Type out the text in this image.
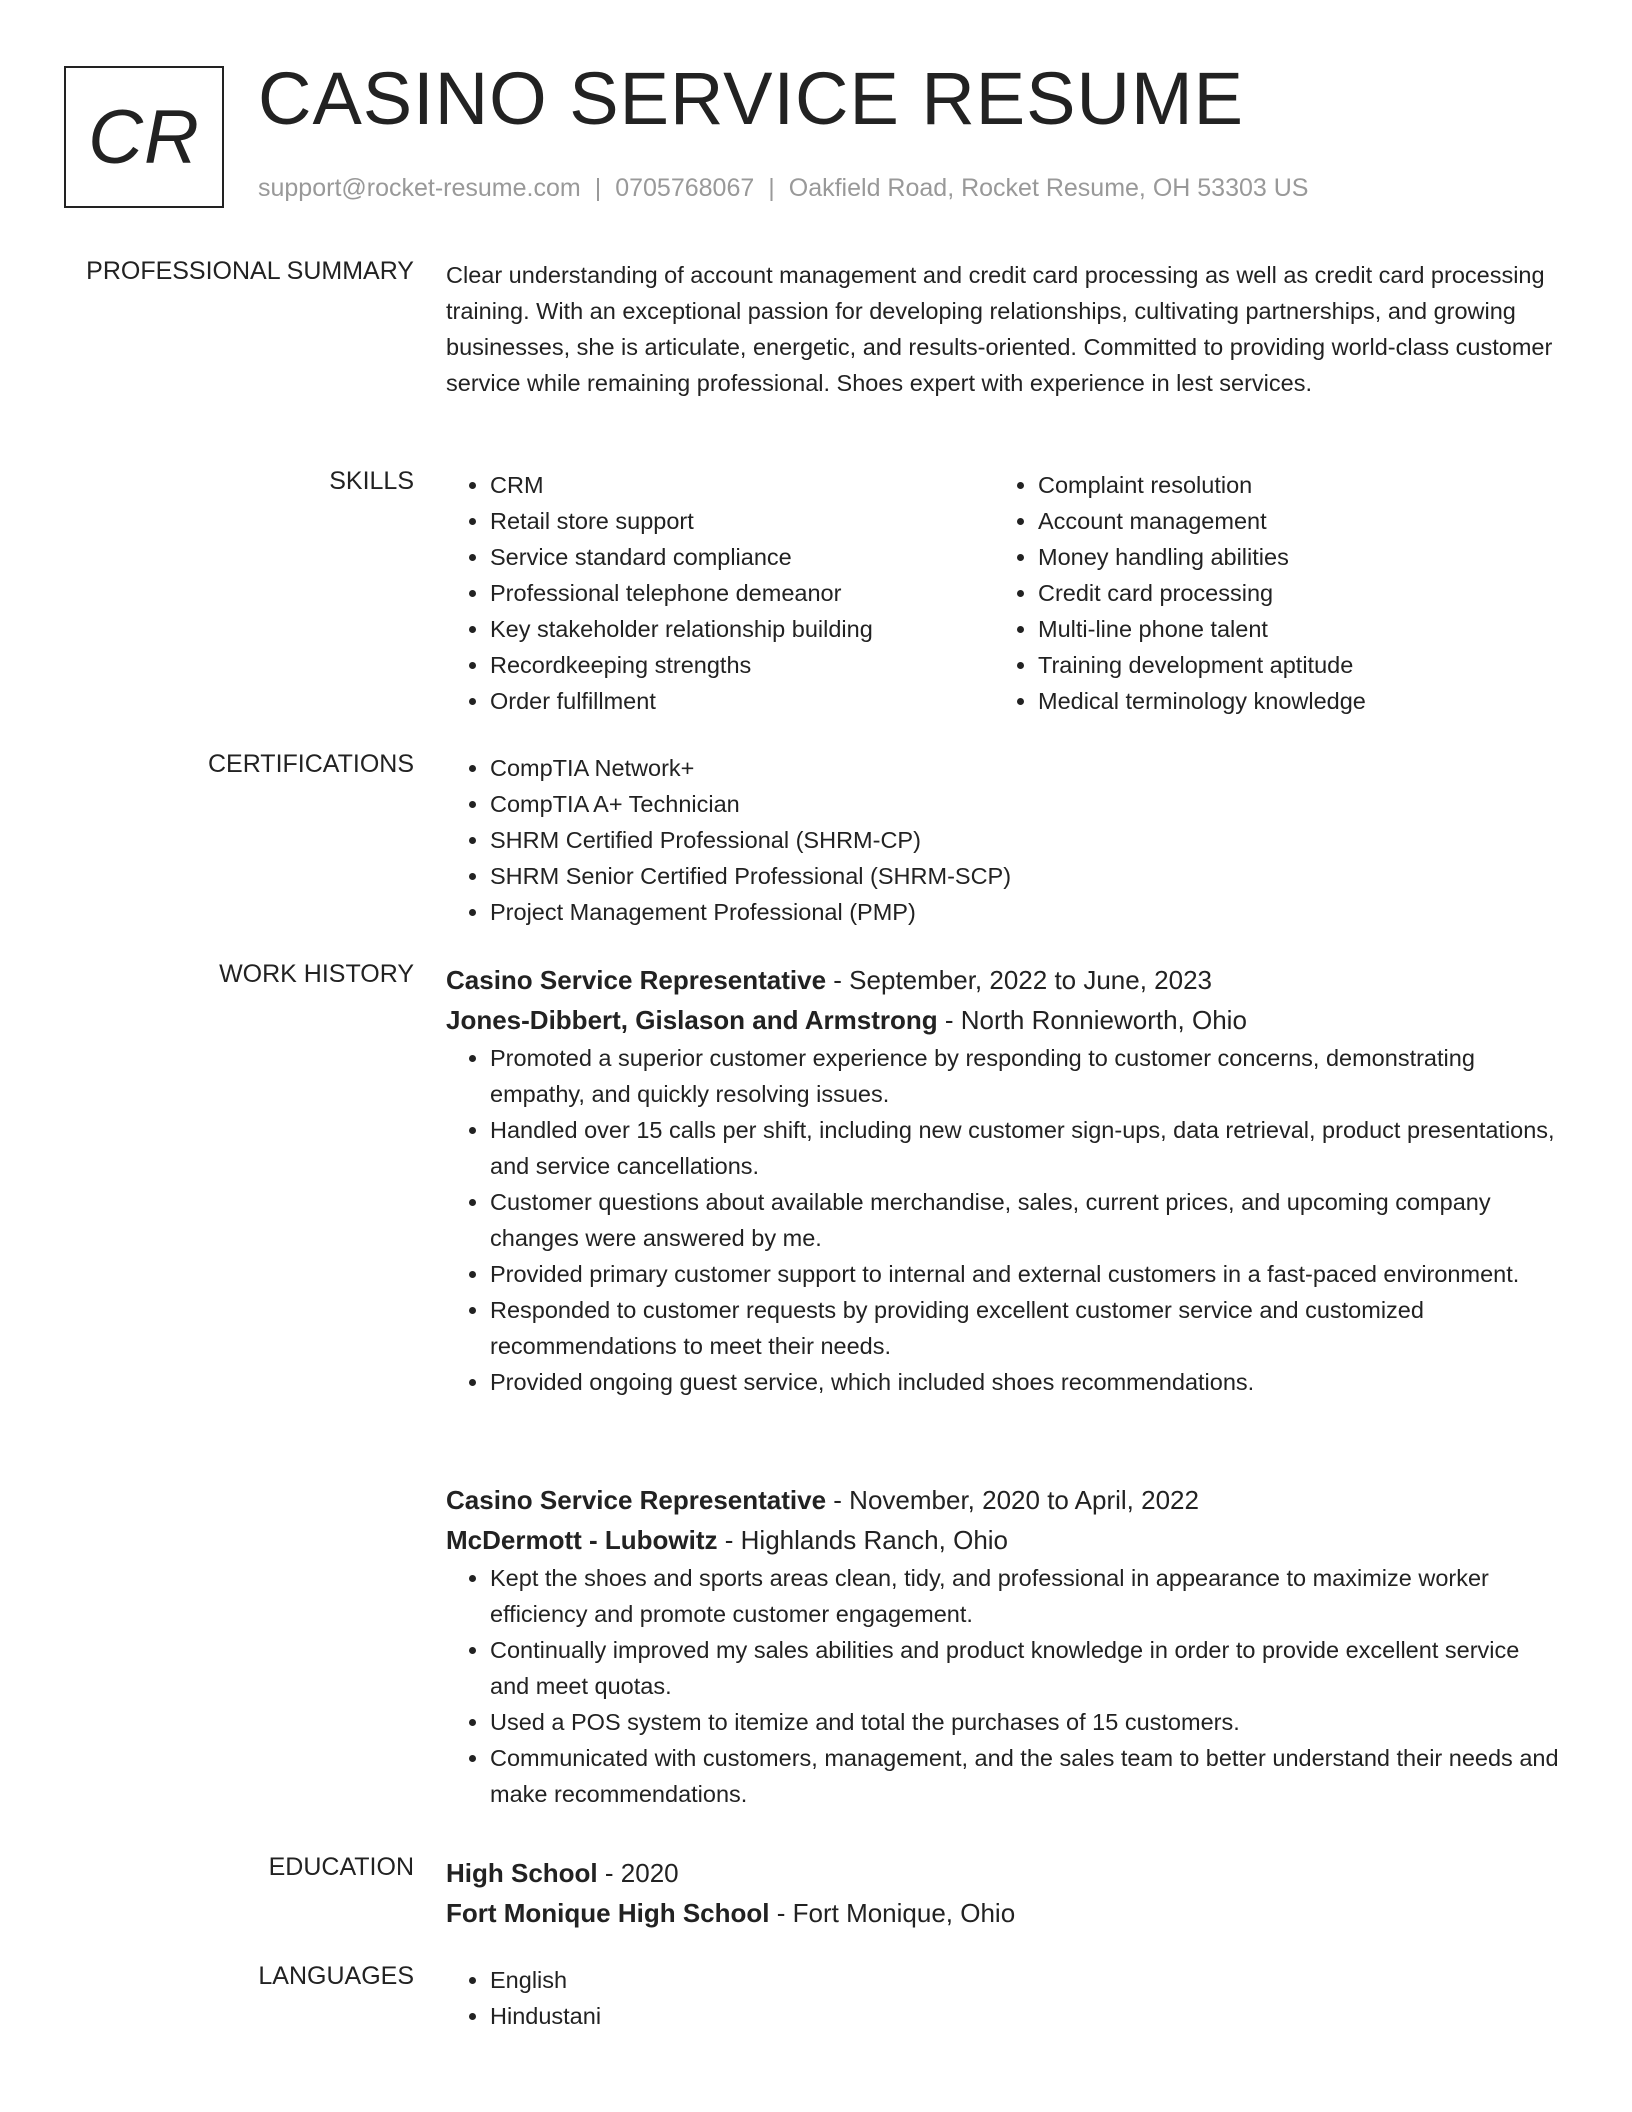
CR CASINO SERVICE RESUME
support@rocket-resume.com | 0705768067 | Oakfield Road, Rocket Resume, OH 53303 US
PROFESSIONAL SUMMARY Clear understanding of account management and credit card processing as well as credit card processing training. With an exceptional passion for developing relationships, cultivating partnerships, and growing businesses, she is articulate, energetic, and results-oriented. Committed to providing world-class customer service while remaining professional. Shoes expert with experience in lest services.

SKILLS	• CRM
• Retail store support
• Service standard compliance
• Professional telephone demeanor
• Key stakeholder relationship building
• Recordkeeping strengths
• Order fulfillment
• Complaint resolution
• Account management
• Money handling abilities
• Credit card processing
• Multi-line phone talent
• Training development aptitude
• Medical terminology knowledge
CERTIFICATIONS	• CompTIA Network+
• CompTIA A+ Technician
• SHRM Certified Professional (SHRM-CP)
• SHRM Senior Certified Professional (SHRM-SCP)
• Project Management Professional (PMP)
WORK HISTORY Casino Service Representative - September, 2022 to June, 2023
Jones-Dibbert, Gislason and Armstrong - North Ronnieworth, Ohio
• Promoted a superior customer experience by responding to customer concerns, demonstrating empathy, and quickly resolving issues.
• Handled over 15 calls per shift, including new customer sign-ups, data retrieval, product presentations, and service cancellations.
• Customer questions about available merchandise, sales, current prices, and upcoming company changes were answered by me.
• Provided primary customer support to internal and external customers in a fast-paced environment.
• Responded to customer requests by providing excellent customer service and customized recommendations to meet their needs.
• Provided ongoing guest service, which included shoes recommendations.
Casino Service Representative - November, 2020 to April, 2022
McDermott - Lubowitz - Highlands Ranch, Ohio
• Kept the shoes and sports areas clean, tidy, and professional in appearance to maximize worker efficiency and promote customer engagement.
• Continually improved my sales abilities and product knowledge in order to provide excellent service and meet quotas.
• Used a POS system to itemize and total the purchases of 15 customers.
• Communicated with customers, management, and the sales team to better understand their needs and make recommendations.
EDUCATION High School - 2020
Fort Monique High School - Fort Monique, Ohio
LANGUAGES	• English
• Hindustani
